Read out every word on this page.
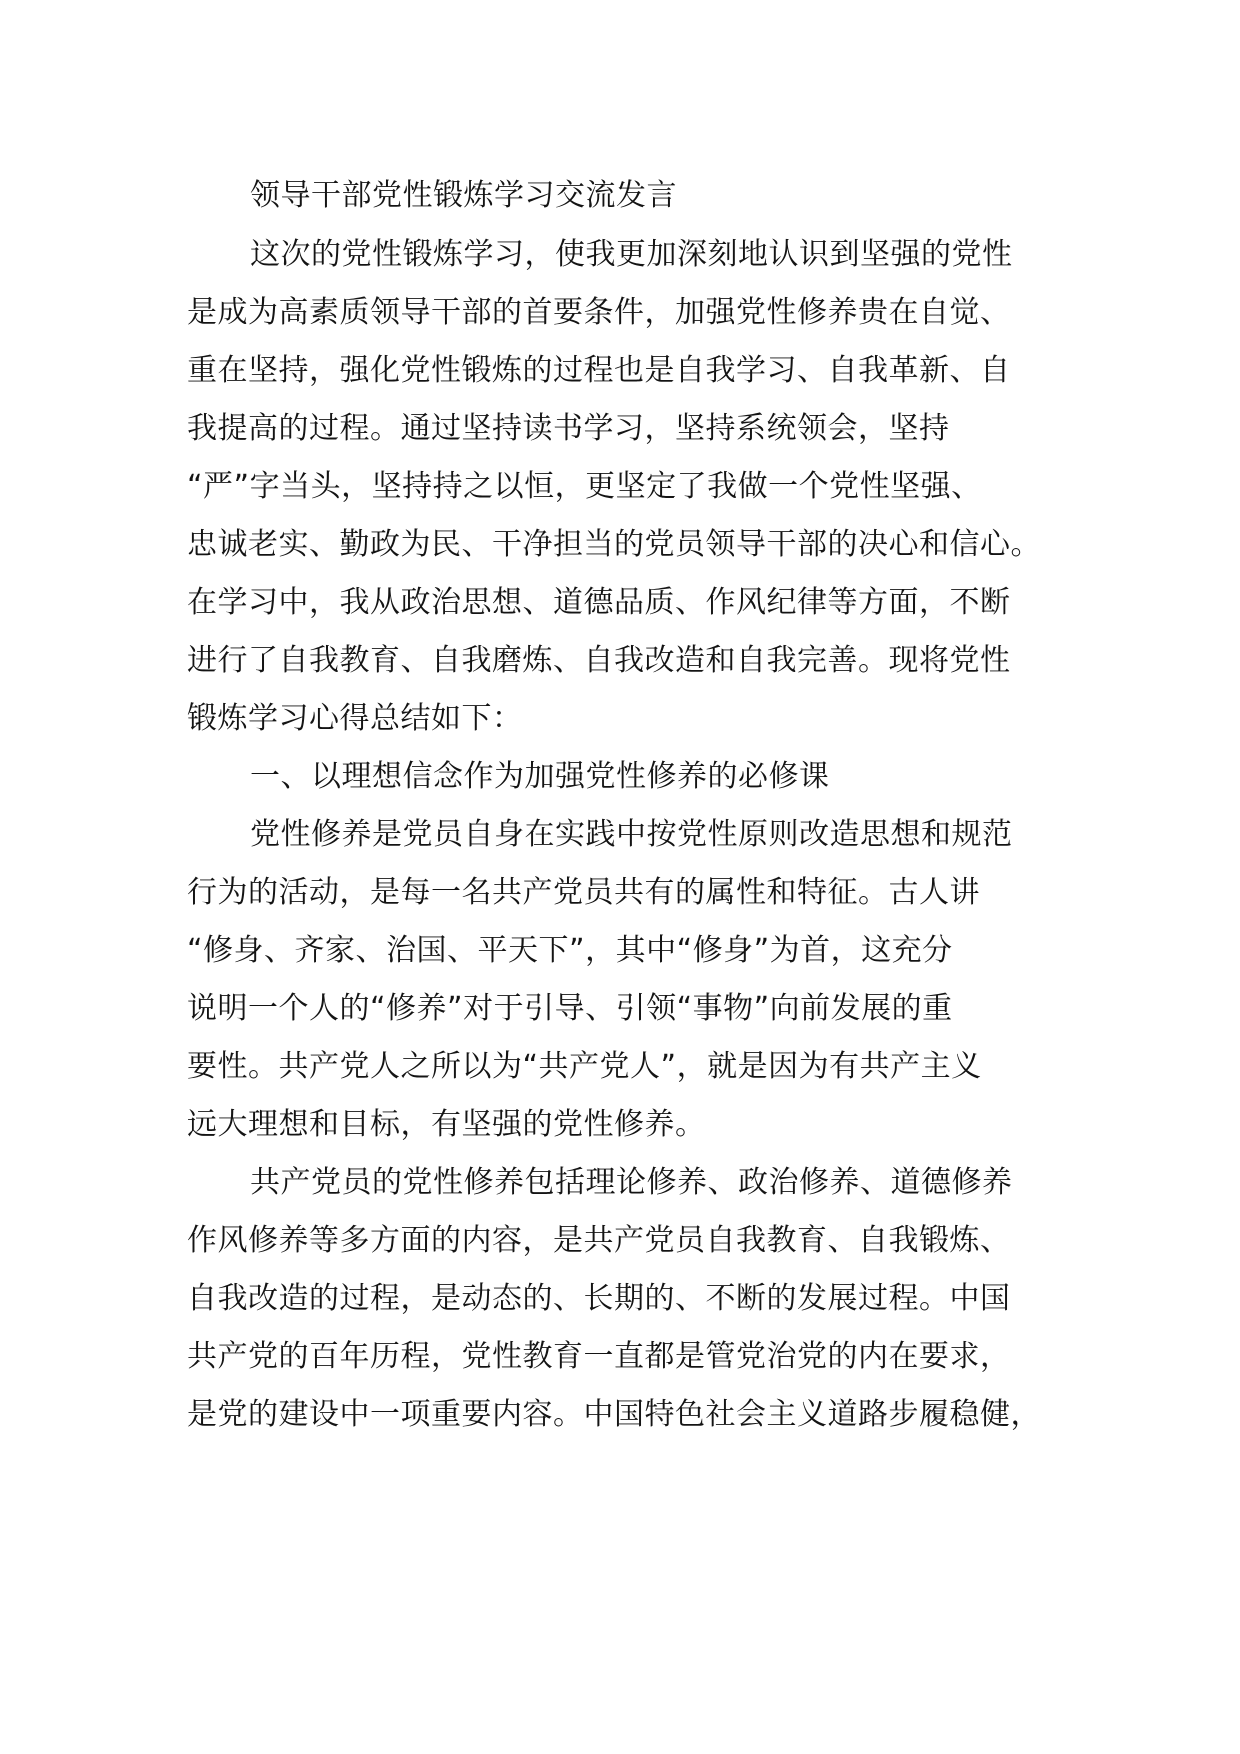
领导干部党性锻炼学习交流发言
这次的党性锻炼学习，使我更加深刻地认识到坚强的党性
是成为高素质领导干部的首要条件，加强党性修养贵在自觉、
重在坚持，强化党性锻炼的过程也是自我学习、自我革新、自
我提高的过程。通过坚持读书学习，坚持系统领会，坚持
“严”字当头，坚持持之以恒，更坚定了我做一个党性坚强、
忠诚老实、勤政为民、干净担当的党员领导干部的决心和信心。
在学习中，我从政治思想、道德品质、作风纪律等方面，不断
进行了自我教育、自我磨炼、自我改造和自我完善。现将党性
锻炼学习心得总结如下：
一、以理想信念作为加强党性修养的必修课
党性修养是党员自身在实践中按党性原则改造思想和规范
行为的活动，是每一名共产党员共有的属性和特征。古人讲
“修身、齐家、治国、平天下”，其中“修身”为首，这充分
说明一个人的“修养”对于引导、引领“事物”向前发展的重
要性。共产党人之所以为“共产党人”，就是因为有共产主义
远大理想和目标，有坚强的党性修养。
共产党员的党性修养包括理论修养、政治修养、道德修养
作风修养等多方面的内容，是共产党员自我教育、自我锻炼、
自我改造的过程，是动态的、长期的、不断的发展过程。中国
共产党的百年历程，党性教育一直都是管党治党的内在要求，
是党的建设中一项重要内容。中国特色社会主义道路步履稳健，
